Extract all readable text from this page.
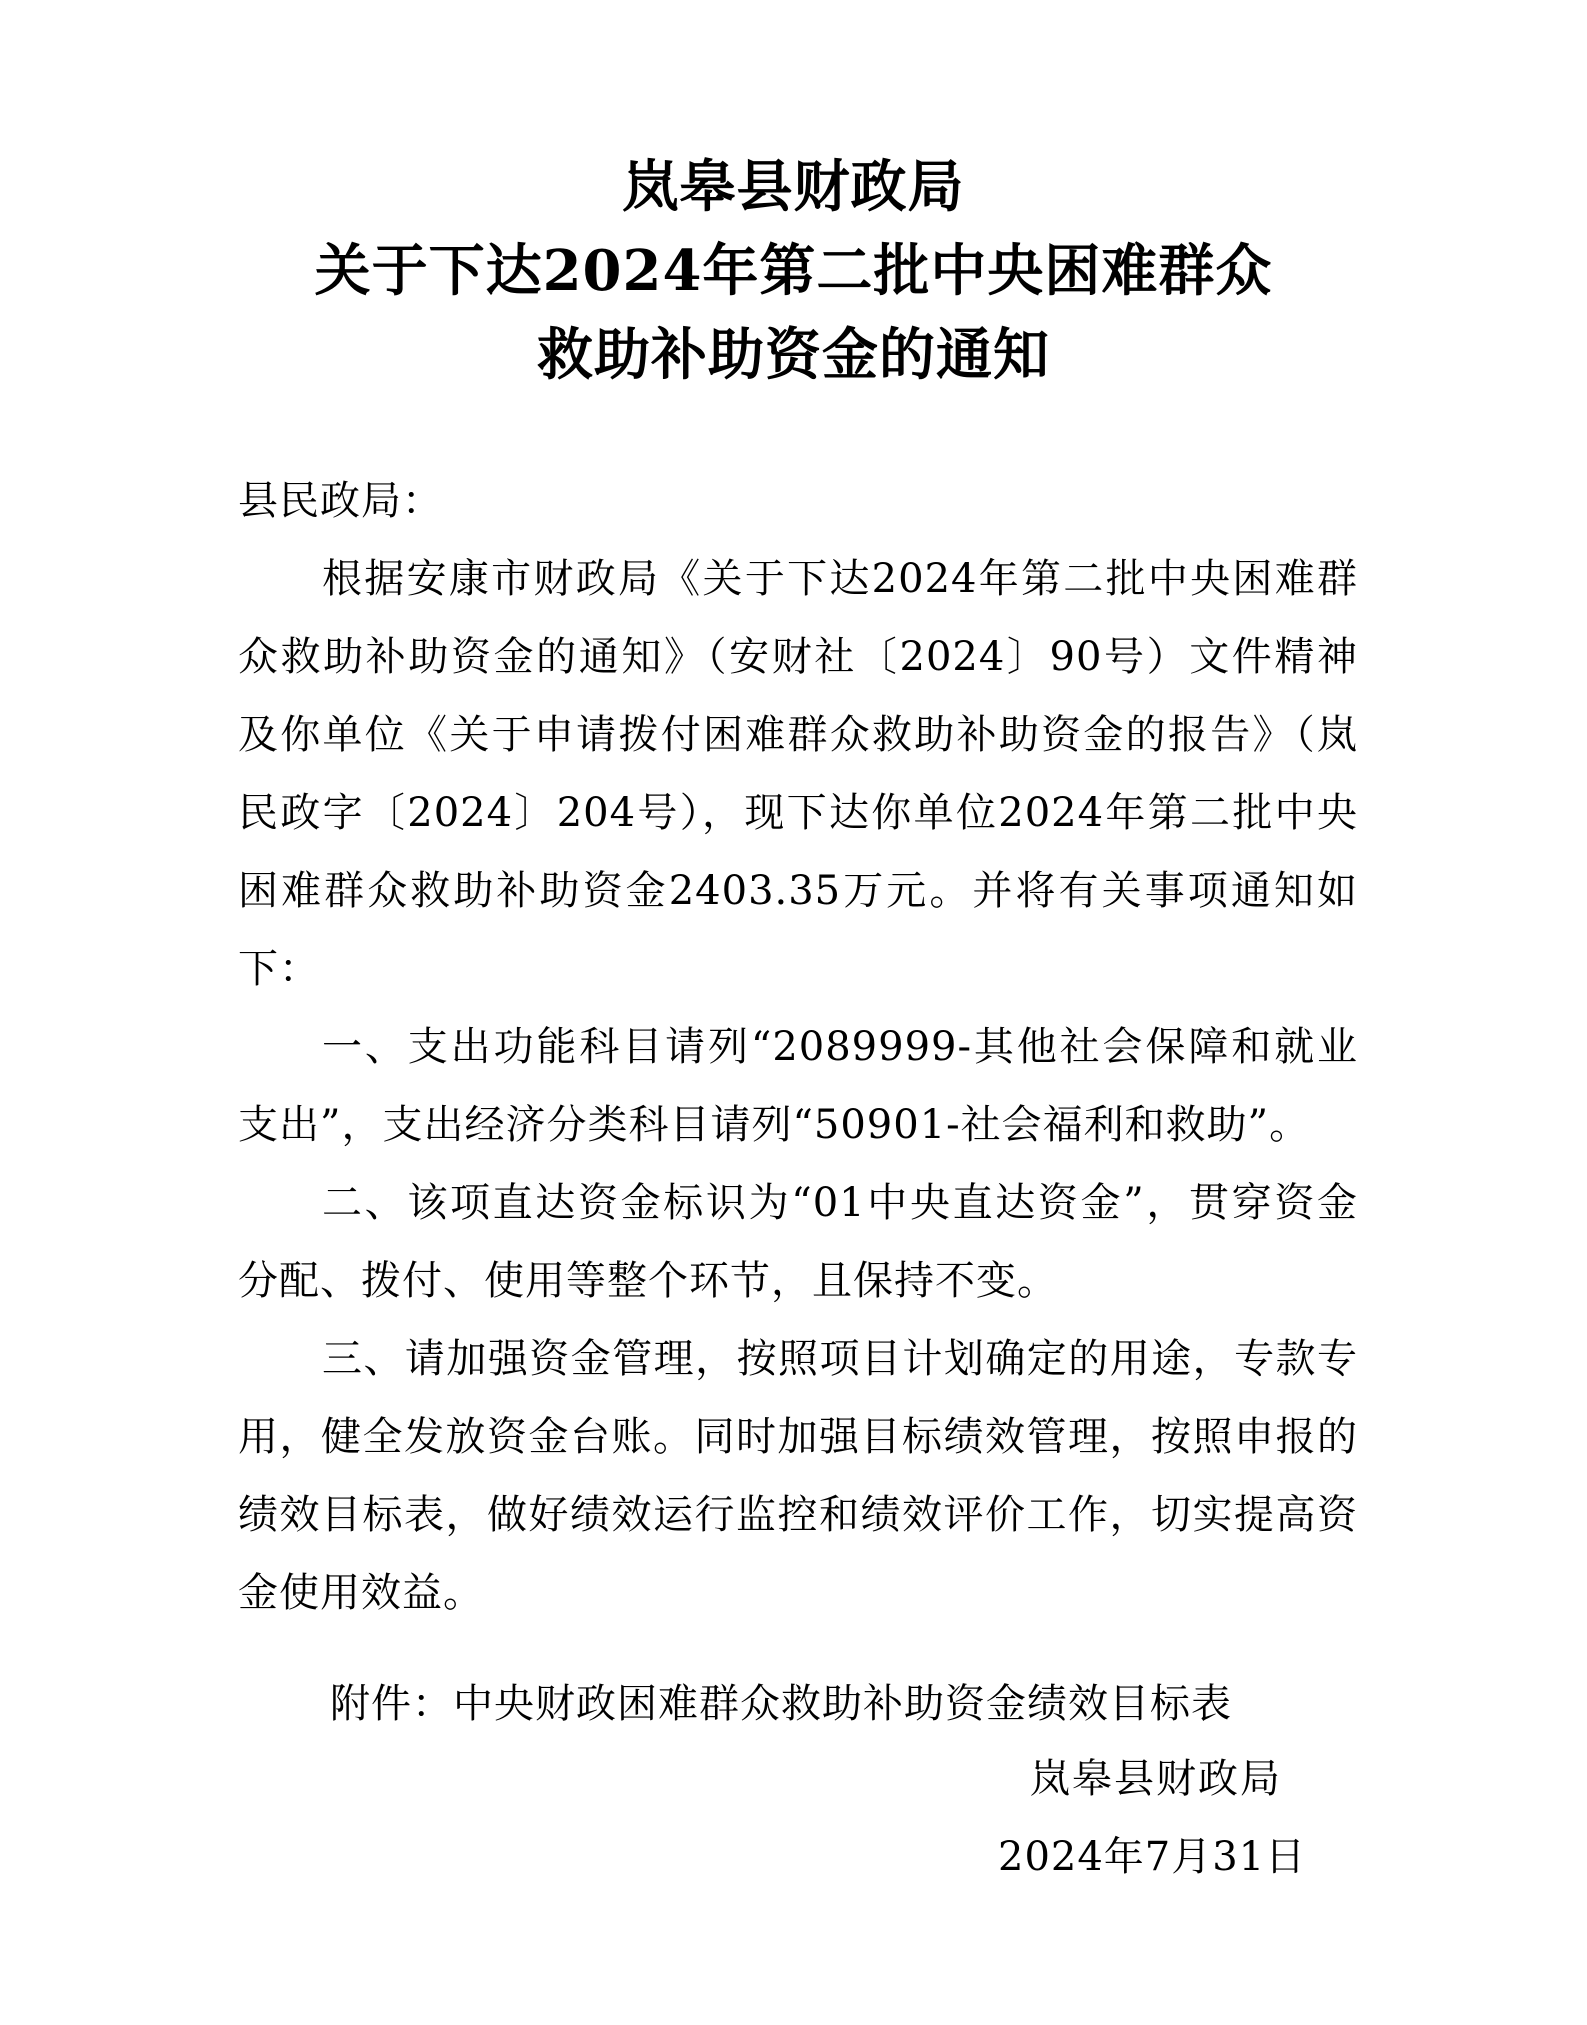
岚皋县财政局
关于下达2024年第二批中央困难群众
救助补助资金的通知

县民政局：

根据安康市财政局《关于下达2024年第二批中央困难群众救助补助资金的通知》（安财社〔2024〕90号）文件精神及你单位《关于申请拨付困难群众救助补助资金的报告》（岚民政字〔2024〕204号），现下达你单位2024年第二批中央困难群众救助补助资金2403.35万元。并将有关事项通知如下：

一、支出功能科目请列“2089999-其他社会保障和就业支出”，支出经济分类科目请列“50901-社会福利和救助”。

二、该项直达资金标识为“01中央直达资金”，贯穿资金分配、拨付、使用等整个环节，且保持不变。

三、请加强资金管理，按照项目计划确定的用途，专款专用，健全发放资金台账。同时加强目标绩效管理，按照申报的绩效目标表，做好绩效运行监控和绩效评价工作，切实提高资金使用效益。

附件：中央财政困难群众救助补助资金绩效目标表
岚皋县财政局
2024年7月31日
